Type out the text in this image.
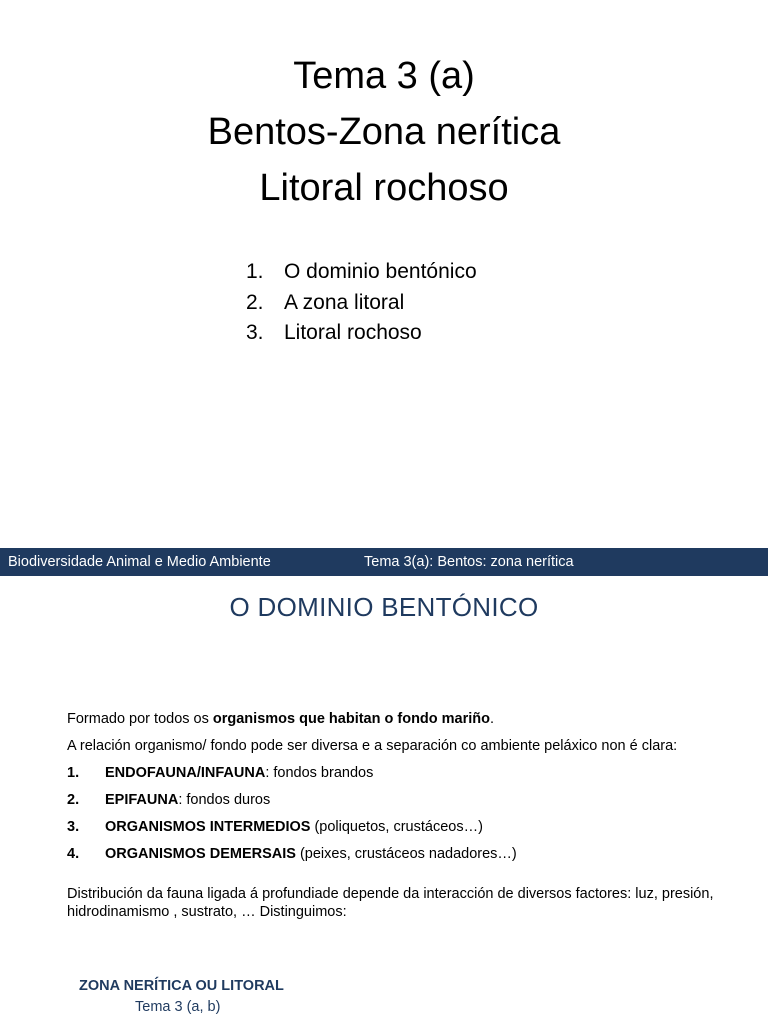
Tema 3 (a)
Bentos-Zona nerítica
Litoral rochoso
1. O dominio bentónico
2. A zona litoral
3. Litoral rochoso
Biodiversidade Animal e Medio Ambiente	Tema 3(a): Bentos: zona nerítica
O DOMINIO BENTÓNICO

Formado por todos os organismos que habitan o fondo mariño.

A relación organismo/ fondo pode ser diversa e a separación co ambiente peláxico non é clara:

1.	ENDOFAUNA/INFAUNA: fondos brandos
2.	EPIFAUNA: fondos duros
3.	ORGANISMOS INTERMEDIOS (poliquetos, crustáceos…)
4.	ORGANISMOS DEMERSAIS (peixes, crustáceos nadadores…)

Distribución da fauna ligada á profundiade depende da interacción de diversos factores: luz, presión, hidrodinamismo , sustrato, … Distinguimos:

ZONA NERÍTICA OU LITORAL
Tema 3 (a, b)
